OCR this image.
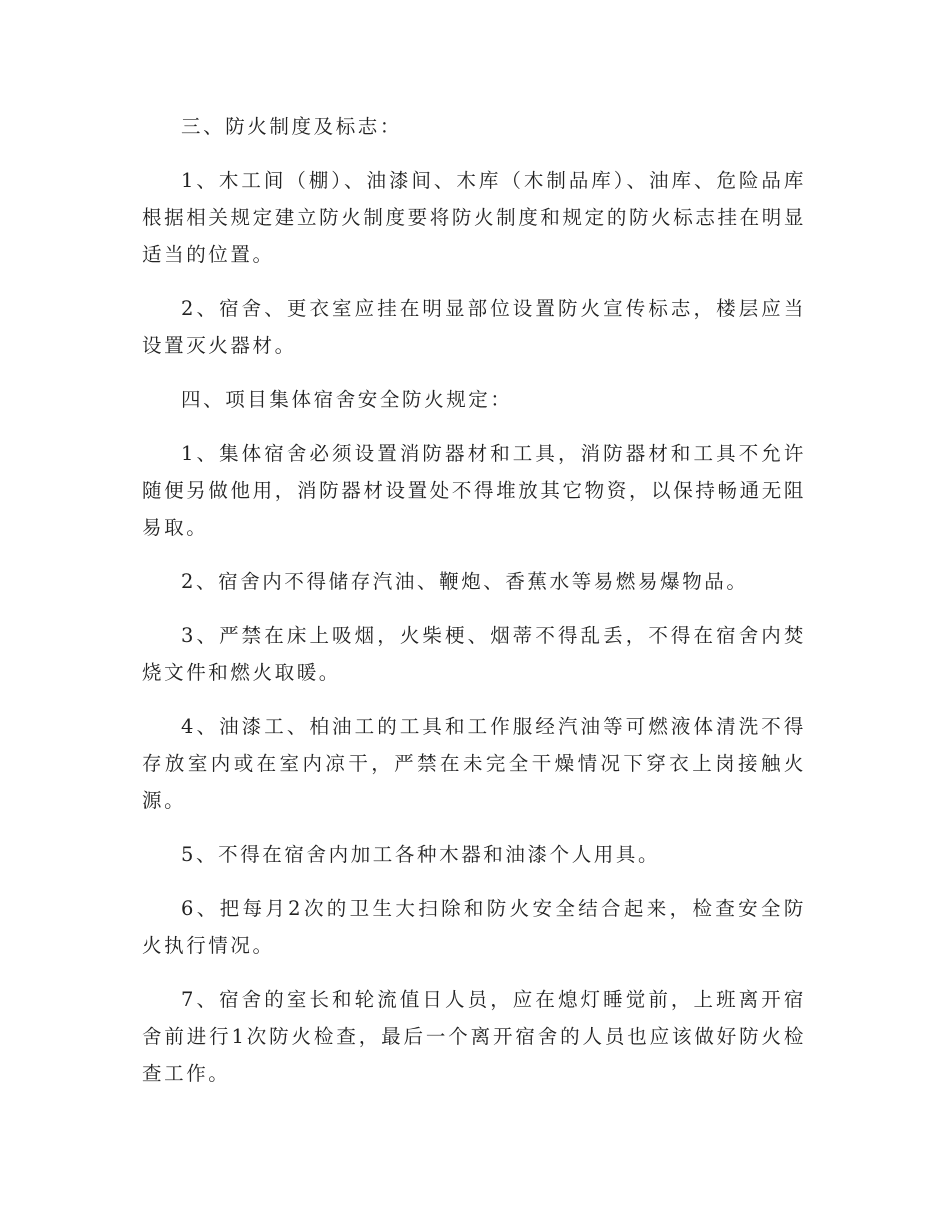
三、防火制度及标志：

1、木工间（棚）、油漆间、木库（木制品库）、油库、危险品库根据相关规定建立防火制度要将防火制度和规定的防火标志挂在明显适当的位置。

2、宿舍、更衣室应挂在明显部位设置防火宣传标志，楼层应当设置灭火器材。

四、项目集体宿舍安全防火规定：

1、集体宿舍必须设置消防器材和工具，消防器材和工具不允许随便另做他用，消防器材设置处不得堆放其它物资，以保持畅通无阻易取。

2、宿舍内不得储存汽油、鞭炮、香蕉水等易燃易爆物品。

3、严禁在床上吸烟，火柴梗、烟蒂不得乱丢，不得在宿舍内焚烧文件和燃火取暖。

4、油漆工、柏油工的工具和工作服经汽油等可燃液体清洗不得存放室内或在室内凉干，严禁在未完全干燥情况下穿衣上岗接触火源。

5、不得在宿舍内加工各种木器和油漆个人用具。

6、把每月2次的卫生大扫除和防火安全结合起来，检查安全防火执行情况。

7、宿舍的室长和轮流值日人员，应在熄灯睡觉前，上班离开宿舍前进行1次防火检查，最后一个离开宿舍的人员也应该做好防火检查工作。
